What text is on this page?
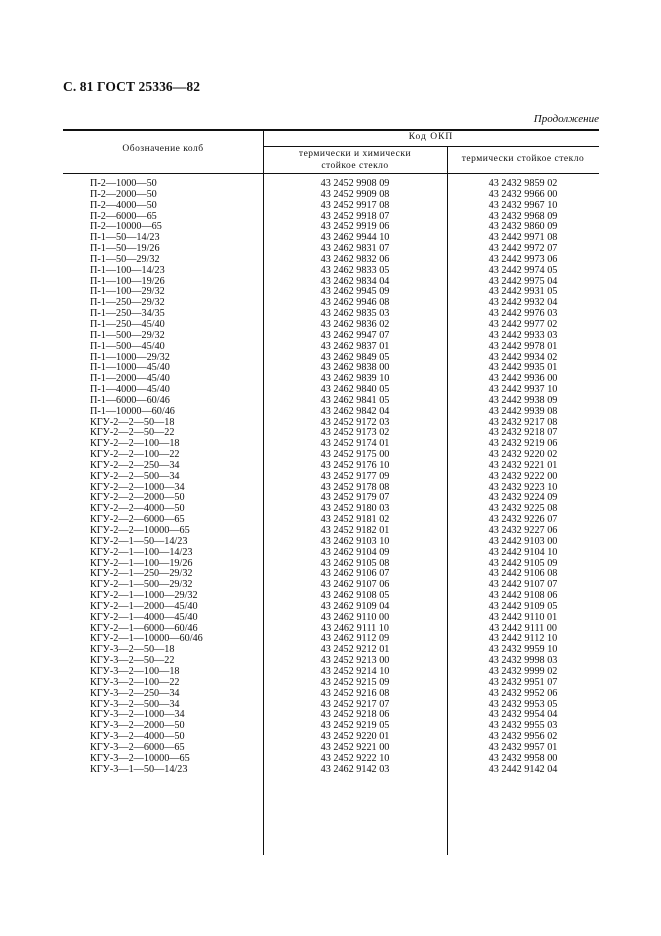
С. 81 ГОСТ 25336—82
Продолжение
Обозначение колб
Код ОКП
термически и химически
стойкое стекло
термически стойкое стекло
П-2—1000—50	43 2452 9908 09	43 2432 9859 02
П-2—2000—50	43 2452 9909 08	43 2432 9966 00
П-2—4000—50	43 2452 9917 08	43 2432 9967 10
П-2—6000—65	43 2452 9918 07	43 2432 9968 09
П-2—10000—65	43 2452 9919 06	43 2432 9860 09
П-1—50—14/23	43 2462 9944 10	43 2442 9971 08
П-1—50—19/26	43 2462 9831 07	43 2442 9972 07
П-1—50—29/32	43 2462 9832 06	43 2442 9973 06
П-1—100—14/23	43 2462 9833 05	43 2442 9974 05
П-1—100—19/26	43 2462 9834 04	43 2442 9975 04
П-1—100—29/32	43 2462 9945 09	43 2442 9931 05
П-1—250—29/32	43 2462 9946 08	43 2442 9932 04
П-1—250—34/35	43 2462 9835 03	43 2442 9976 03
П-1—250—45/40	43 2462 9836 02	43 2442 9977 02
П-1—500—29/32	43 2462 9947 07	43 2442 9933 03
П-1—500—45/40	43 2462 9837 01	43 2442 9978 01
П-1—1000—29/32	43 2462 9849 05	43 2442 9934 02
П-1—1000—45/40	43 2462 9838 00	43 2442 9935 01
П-1—2000—45/40	43 2462 9839 10	43 2442 9936 00
П-1—4000—45/40	43 2462 9840 05	43 2442 9937 10
П-1—6000—60/46	43 2462 9841 05	43 2442 9938 09
П-1—10000—60/46	43 2462 9842 04	43 2442 9939 08
КГУ-2—2—50—18	43 2452 9172 03	43 2432 9217 08
КГУ-2—2—50—22	43 2452 9173 02	43 2432 9218 07
КГУ-2—2—100—18	43 2452 9174 01	43 2432 9219 06
КГУ-2—2—100—22	43 2452 9175 00	43 2432 9220 02
КГУ-2—2—250—34	43 2452 9176 10	43 2432 9221 01
КГУ-2—2—500—34	43 2452 9177 09	43 2432 9222 00
КГУ-2—2—1000—34	43 2452 9178 08	43 2432 9223 10
КГУ-2—2—2000—50	43 2452 9179 07	43 2432 9224 09
КГУ-2—2—4000—50	43 2452 9180 03	43 2432 9225 08
КГУ-2—2—6000—65	43 2452 9181 02	43 2432 9226 07
КГУ-2—2—10000—65	43 2452 9182 01	43 2432 9227 06
КГУ-2—1—50—14/23	43 2462 9103 10	43 2442 9103 00
КГУ-2—1—100—14/23	43 2462 9104 09	43 2442 9104 10
КГУ-2—1—100—19/26	43 2462 9105 08	43 2442 9105 09
КГУ-2—1—250—29/32	43 2462 9106 07	43 2442 9106 08
КГУ-2—1—500—29/32	43 2462 9107 06	43 2442 9107 07
КГУ-2—1—1000—29/32	43 2462 9108 05	43 2442 9108 06
КГУ-2—1—2000—45/40	43 2462 9109 04	43 2442 9109 05
КГУ-2—1—4000—45/40	43 2462 9110 00	43 2442 9110 01
КГУ-2—1—6000—60/46	43 2462 9111 10	43 2442 9111 00
КГУ-2—1—10000—60/46	43 2462 9112 09	43 2442 9112 10
КГУ-3—2—50—18	43 2452 9212 01	43 2432 9959 10
КГУ-3—2—50—22	43 2452 9213 00	43 2432 9998 03
КГУ-3—2—100—18	43 2452 9214 10	43 2432 9999 02
КГУ-3—2—100—22	43 2452 9215 09	43 2432 9951 07
КГУ-3—2—250—34	43 2452 9216 08	43 2432 9952 06
КГУ-3—2—500—34	43 2452 9217 07	43 2432 9953 05
КГУ-3—2—1000—34	43 2452 9218 06	43 2432 9954 04
КГУ-3—2—2000—50	43 2452 9219 05	43 2432 9955 03
КГУ-3—2—4000—50	43 2452 9220 01	43 2432 9956 02
КГУ-3—2—6000—65	43 2452 9221 00	43 2432 9957 01
КГУ-3—2—10000—65	43 2452 9222 10	43 2432 9958 00
КГУ-3—1—50—14/23	43 2462 9142 03	43 2442 9142 04
